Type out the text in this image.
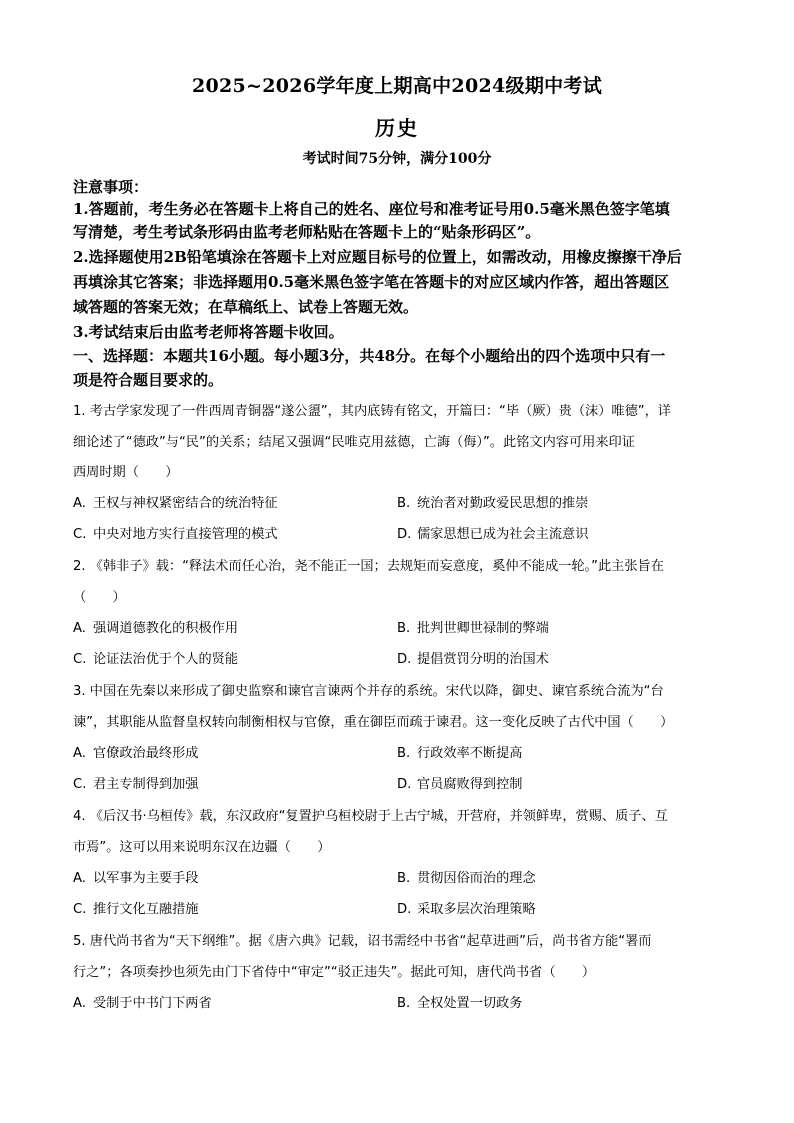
2025~2026学年度上期高中2024级期中考试
历史
考试时间75分钟，满分100分
注意事项：
1.答题前，考生务必在答题卡上将自己的姓名、座位号和准考证号用0.5毫米黑色签字笔填
写清楚，考生考试条形码由监考老师粘贴在答题卡上的“贴条形码区”。
2.选择题使用2B铅笔填涂在答题卡上对应题目标号的位置上，如需改动，用橡皮擦擦干净后
再填涂其它答案；非选择题用0.5毫米黑色签字笔在答题卡的对应区域内作答，超出答题区
域答题的答案无效；在草稿纸上、试卷上答题无效。
3.考试结束后由监考老师将答题卡收回。
一、选择题：本题共16小题。每小题3分，共48分。在每个小题给出的四个选项中只有一
项是符合题目要求的。
1. 考古学家发现了一件西周青铜器“遂公盨”，其内底铸有铭文，开篇曰：“毕（厥）贵（沫）唯德”，详
细论述了“德政”与“民”的关系；结尾又强调“民唯克用兹德，亡誨（侮）”。此铭文内容可用来印证
西周时期（　　）
A. 王权与神权紧密结合的统治特征	B. 统治者对勤政爱民思想的推崇
C. 中央对地方实行直接管理的模式	D. 儒家思想已成为社会主流意识
2. 《韩非子》载：“释法术而任心治，尧不能正一国；去规矩而妄意度，奚仲不能成一轮。”此主张旨在
（　　）
A. 强调道德教化的积极作用	B. 批判世卿世禄制的弊端
C. 论证法治优于个人的贤能	D. 提倡赏罚分明的治国术
3. 中国在先秦以来形成了御史监察和谏官言谏两个并存的系统。宋代以降，御史、谏官系统合流为“台
谏”，其职能从监督皇权转向制衡相权与官僚，重在御臣而疏于谏君。这一变化反映了古代中国（　　）
A. 官僚政治最终形成	B. 行政效率不断提高
C. 君主专制得到加强	D. 官员腐败得到控制
4. 《后汉书·乌桓传》载，东汉政府“复置护乌桓校尉于上古宁城，开营府，并领鲜卑，赏赐、质子、互
市焉”。这可以用来说明东汉在边疆（　　）
A. 以军事为主要手段	B. 贯彻因俗而治的理念
C. 推行文化互融措施	D. 采取多层次治理策略
5. 唐代尚书省为“天下纲维”。据《唐六典》记载，诏书需经中书省“起草进画”后，尚书省方能“署而
行之”；各项奏抄也须先由门下省侍中“审定”“驳正违失”。据此可知，唐代尚书省（　　）
A. 受制于中书门下两省	B. 全权处置一切政务
